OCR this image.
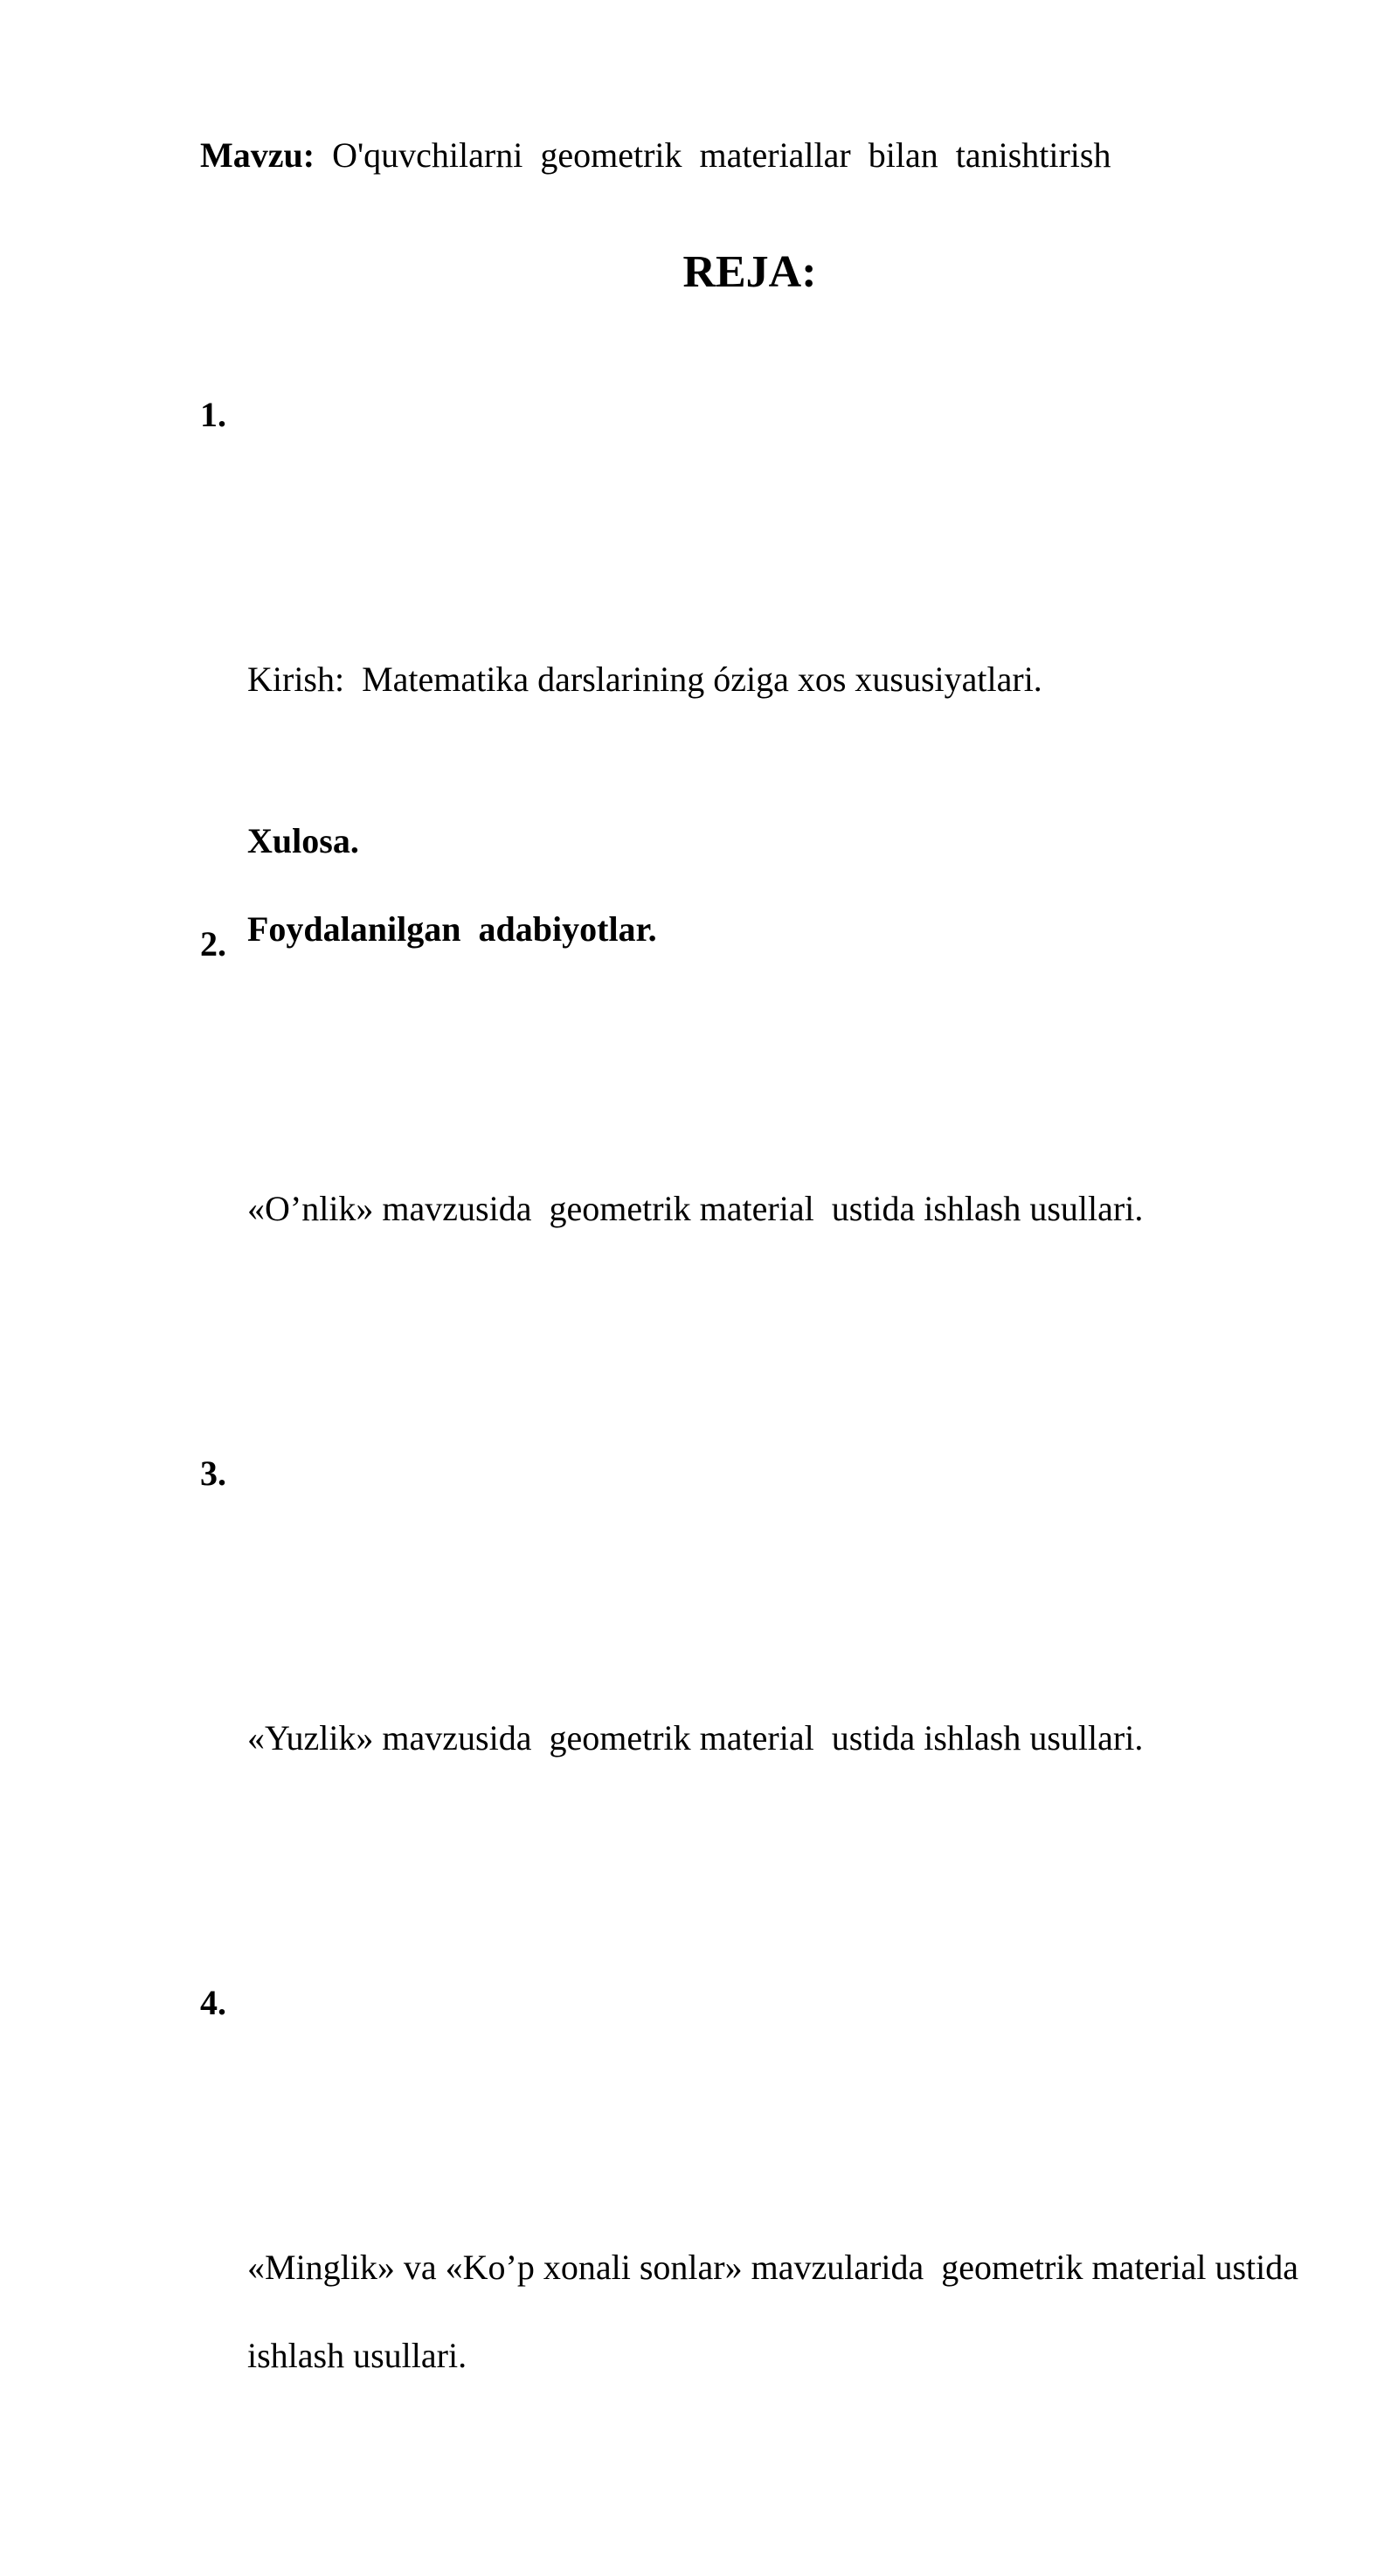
Mavzu: O'quvchilarni  geometrik  materiallar  bilan  tanishtirish
REJA:

1.

Kirish:  Matematika darslarining óziga xos xususiyatlari.

2.

«O’nlik» mavzusida  geometrik material  ustida ishlash usullari.

3.

«Yuzlik» mavzusida  geometrik material  ustida ishlash usullari.

4.

«Minglik» va «Ko’p xonali sonlar» mavzularida  geometrik material ustida ishlash usullari.

Xulosa.
Foydalanilgan  adabiyotlar.
